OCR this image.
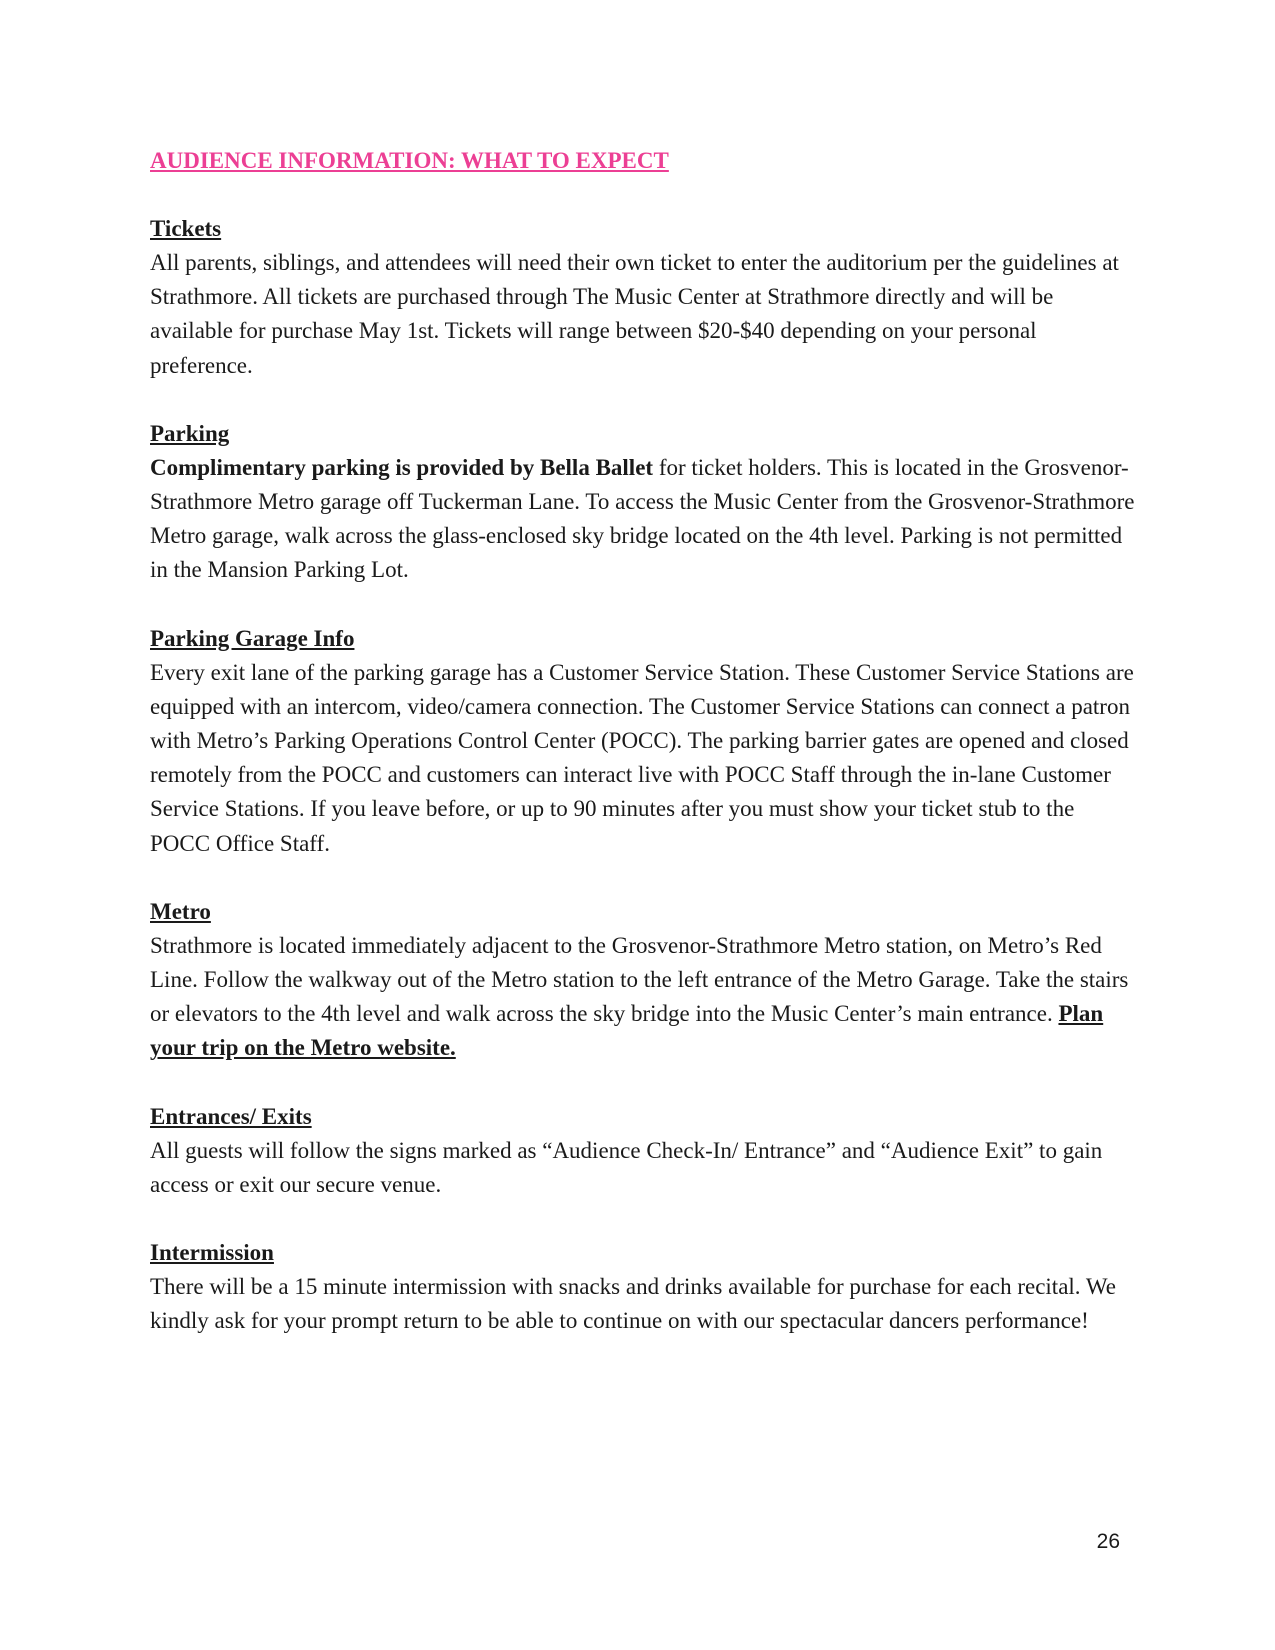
AUDIENCE INFORMATION: WHAT TO EXPECT
Tickets

All parents, siblings, and attendees will need their own ticket to enter the auditorium per the guidelines at Strathmore. All tickets are purchased through The Music Center at Strathmore directly and will be available for purchase May 1st. Tickets will range between $20-$40 depending on your personal preference.

Parking

Complimentary parking is provided by Bella Ballet for ticket holders. This is located in the Grosvenor-Strathmore Metro garage off Tuckerman Lane. To access the Music Center from the Grosvenor-Strathmore Metro garage, walk across the glass-enclosed sky bridge located on the 4th level. Parking is not permitted in the Mansion Parking Lot.

Parking Garage Info

Every exit lane of the parking garage has a Customer Service Station. These Customer Service Stations are equipped with an intercom, video/camera connection. The Customer Service Stations can connect a patron with Metro’s Parking Operations Control Center (POCC). The parking barrier gates are opened and closed remotely from the POCC and customers can interact live with POCC Staff through the in-lane Customer Service Stations. If you leave before, or up to 90 minutes after you must show your ticket stub to the POCC Office Staff.

Metro

Strathmore is located immediately adjacent to the Grosvenor-Strathmore Metro station, on Metro’s Red Line. Follow the walkway out of the Metro station to the left entrance of the Metro Garage. Take the stairs or elevators to the 4th level and walk across the sky bridge into the Music Center’s main entrance. Plan your trip on the Metro website.

Entrances/ Exits

All guests will follow the signs marked as “Audience Check-In/ Entrance” and “Audience Exit” to gain access or exit our secure venue.

Intermission

There will be a 15 minute intermission with snacks and drinks available for purchase for each recital. We kindly ask for your prompt return to be able to continue on with our spectacular dancers performance!

26
